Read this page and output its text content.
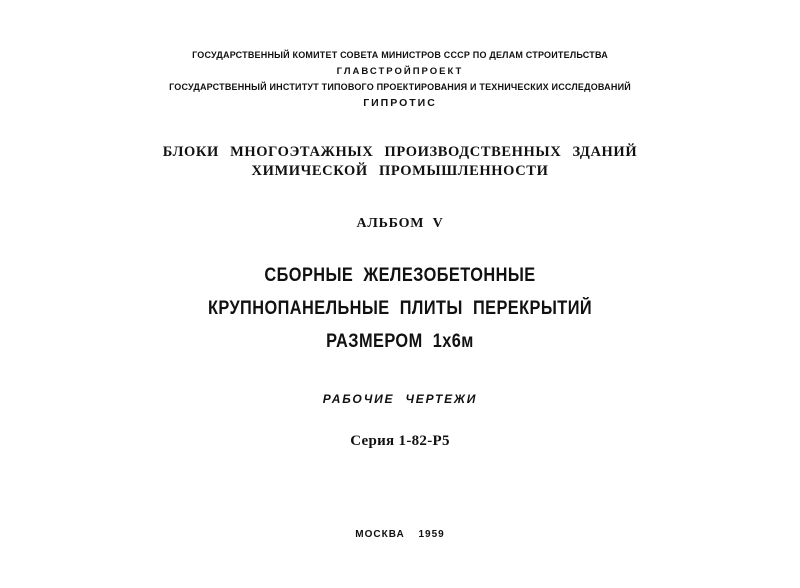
ГОСУДАРСТВЕННЫЙ КОМИТЕТ СОВЕТА МИНИСТРОВ СССР ПО ДЕЛАМ СТРОИТЕЛЬСТВА
ГЛАВСТРОЙПРОЕКТ
ГОСУДАРСТВЕННЫЙ ИНСТИТУТ ТИПОВОГО ПРОЕКТИРОВАНИЯ И ТЕХНИЧЕСКИХ ИССЛЕДОВАНИЙ
ГИПРОТИС
БЛОКИ МНОГОЭТАЖНЫХ ПРОИЗВОДСТВЕННЫХ ЗДАНИЙ
ХИМИЧЕСКОЙ ПРОМЫШЛЕННОСТИ
АЛЬБОМ V
СБОРНЫЕ ЖЕЛЕЗОБЕТОННЫЕ
КРУПНОПАНЕЛЬНЫЕ ПЛИТЫ ПЕРЕКРЫТИЙ
РАЗМЕРОМ 1х6м
РАБОЧИЕ ЧЕРТЕЖИ
Серия 1-82-Р5
МОСКВА 1959
